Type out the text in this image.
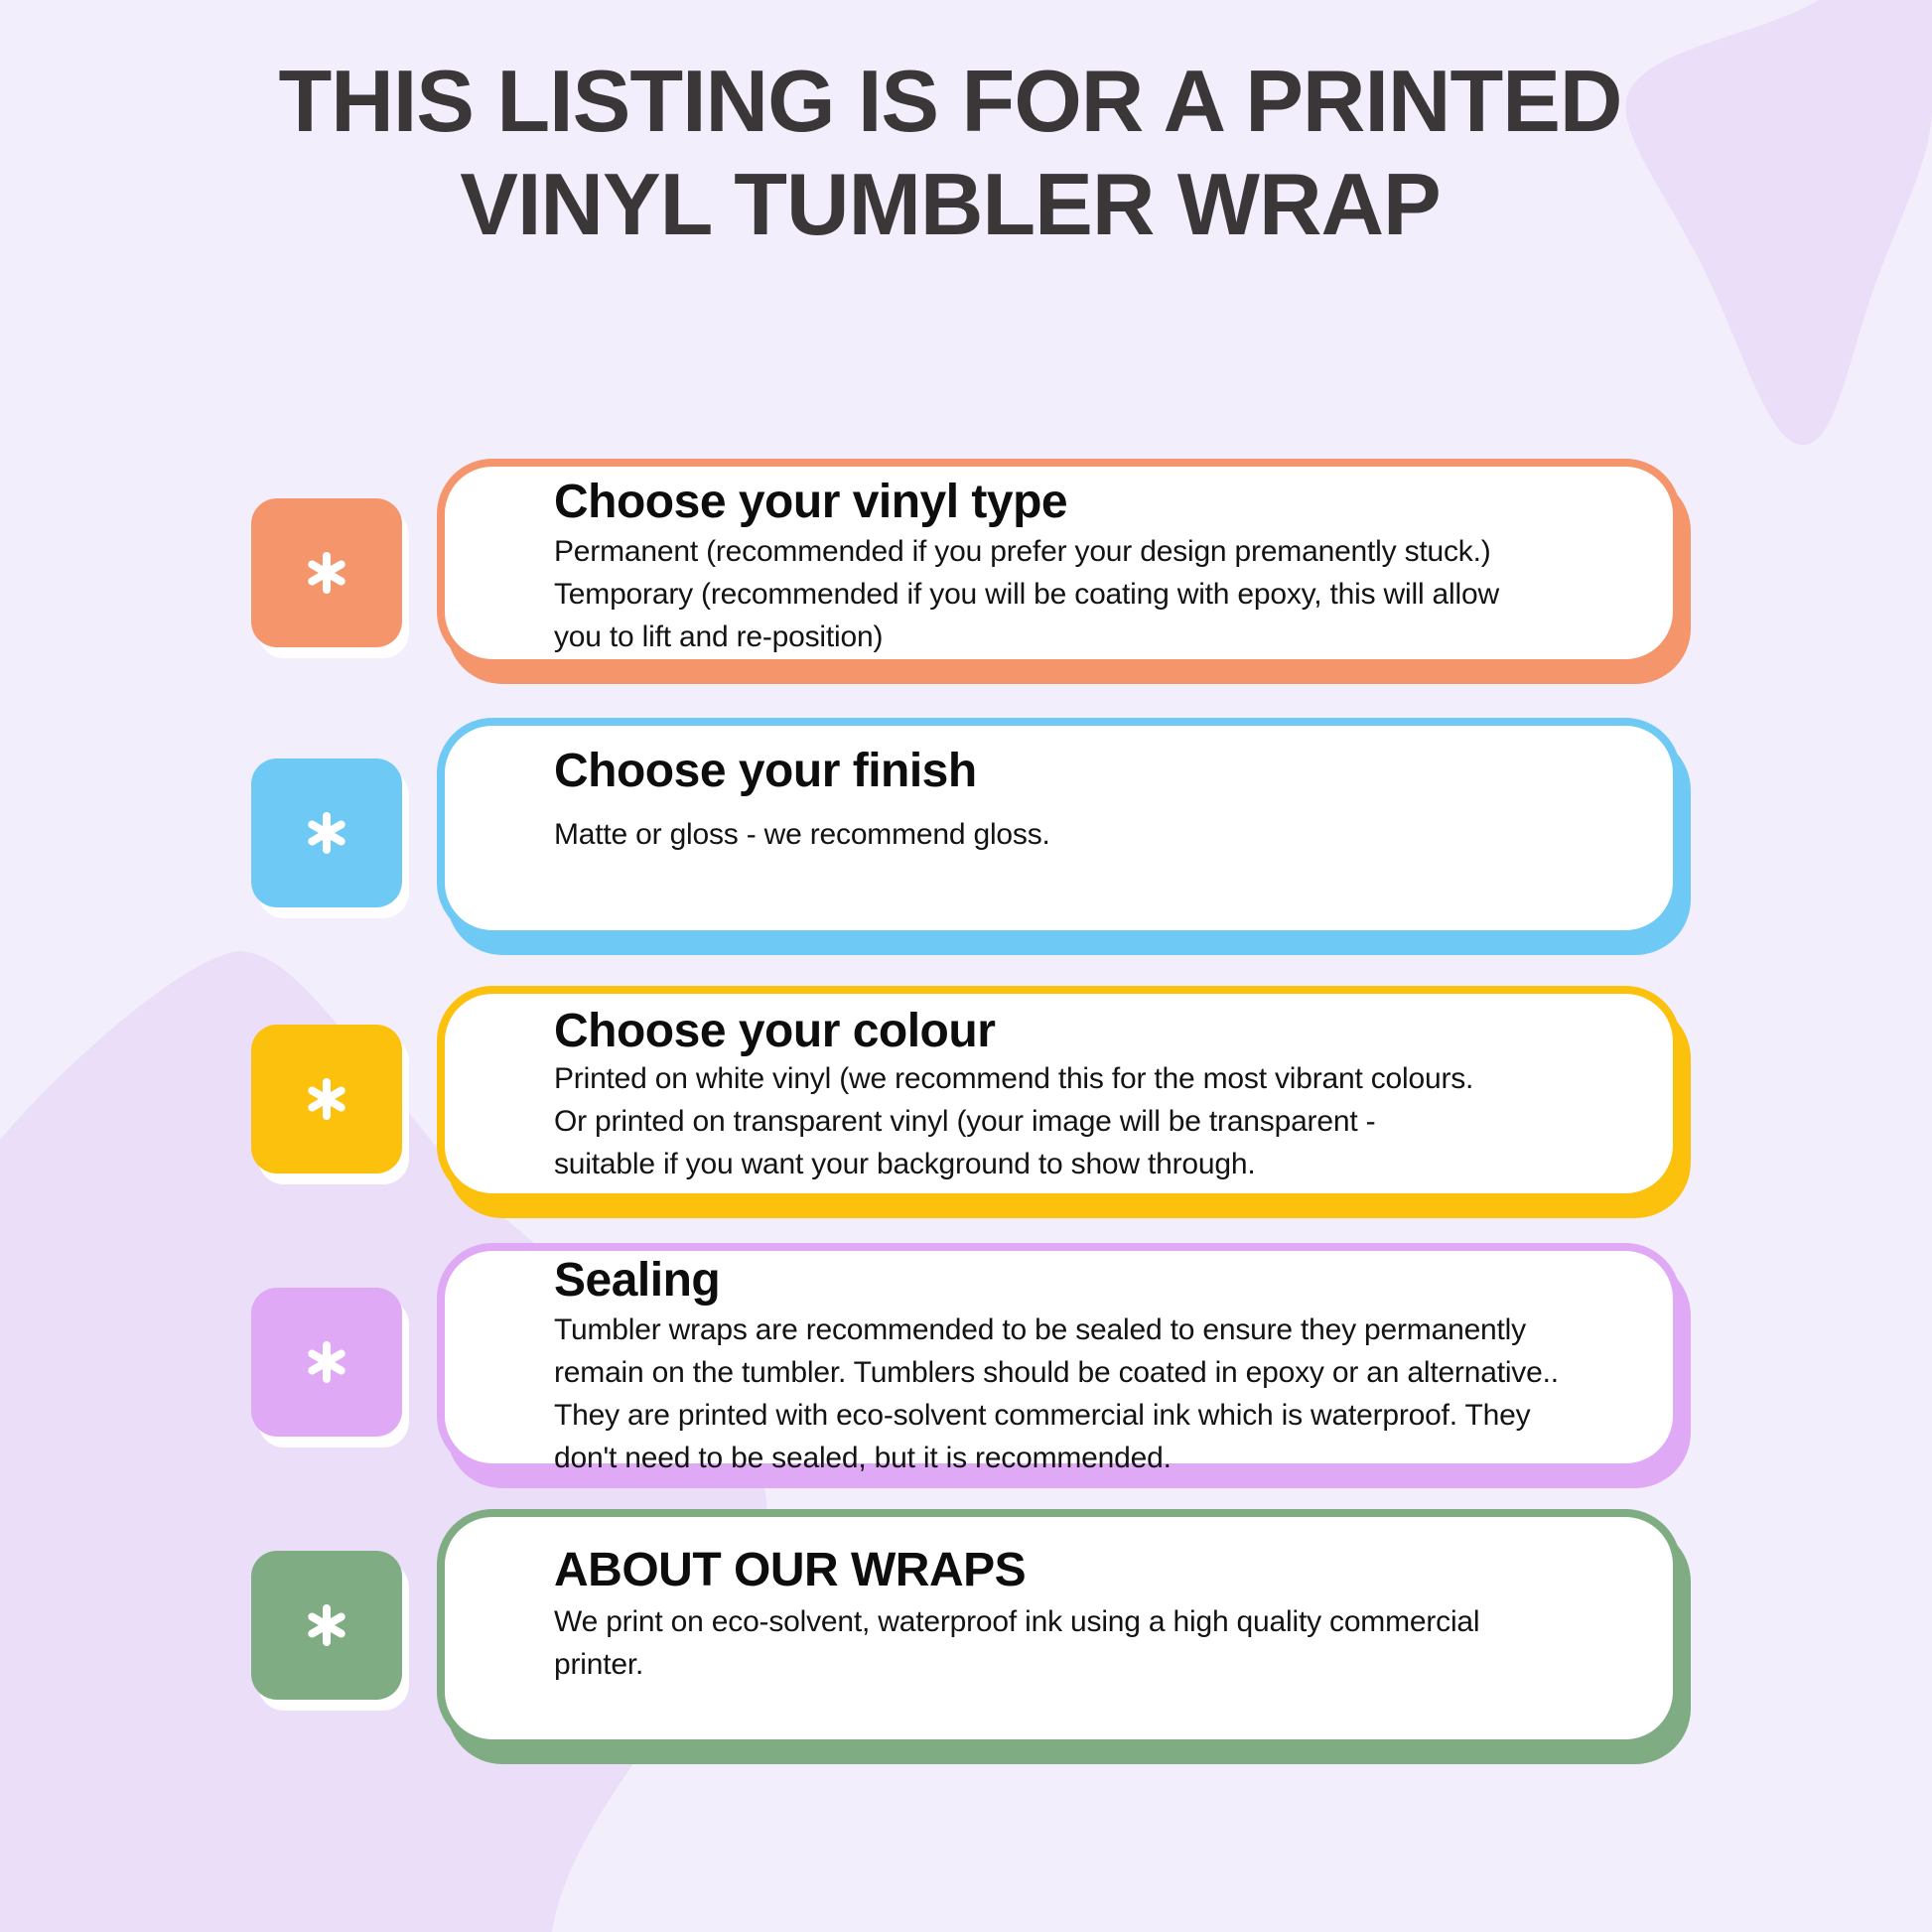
THIS LISTING IS FOR A PRINTED
VINYL TUMBLER WRAP
Choose your vinyl type
Permanent (recommended if you prefer your design premanently stuck.)
Temporary (recommended if you will be coating with epoxy, this will allow
you to lift and re-position)
Choose your finish
Matte or gloss - we recommend gloss.
Choose your colour
Printed on white vinyl (we recommend this for the most vibrant colours.
Or printed on transparent vinyl (your image will be transparent -
suitable if you want your background to show through.
Sealing
Tumbler wraps are recommended to be sealed to ensure they permanently
remain on the tumbler. Tumblers should be coated in epoxy or an alternative..
They are printed with eco-solvent commercial ink which is waterproof. They
don't need to be sealed, but it is recommended.
ABOUT OUR WRAPS
We print on eco-solvent, waterproof ink using a high quality commercial
printer.
